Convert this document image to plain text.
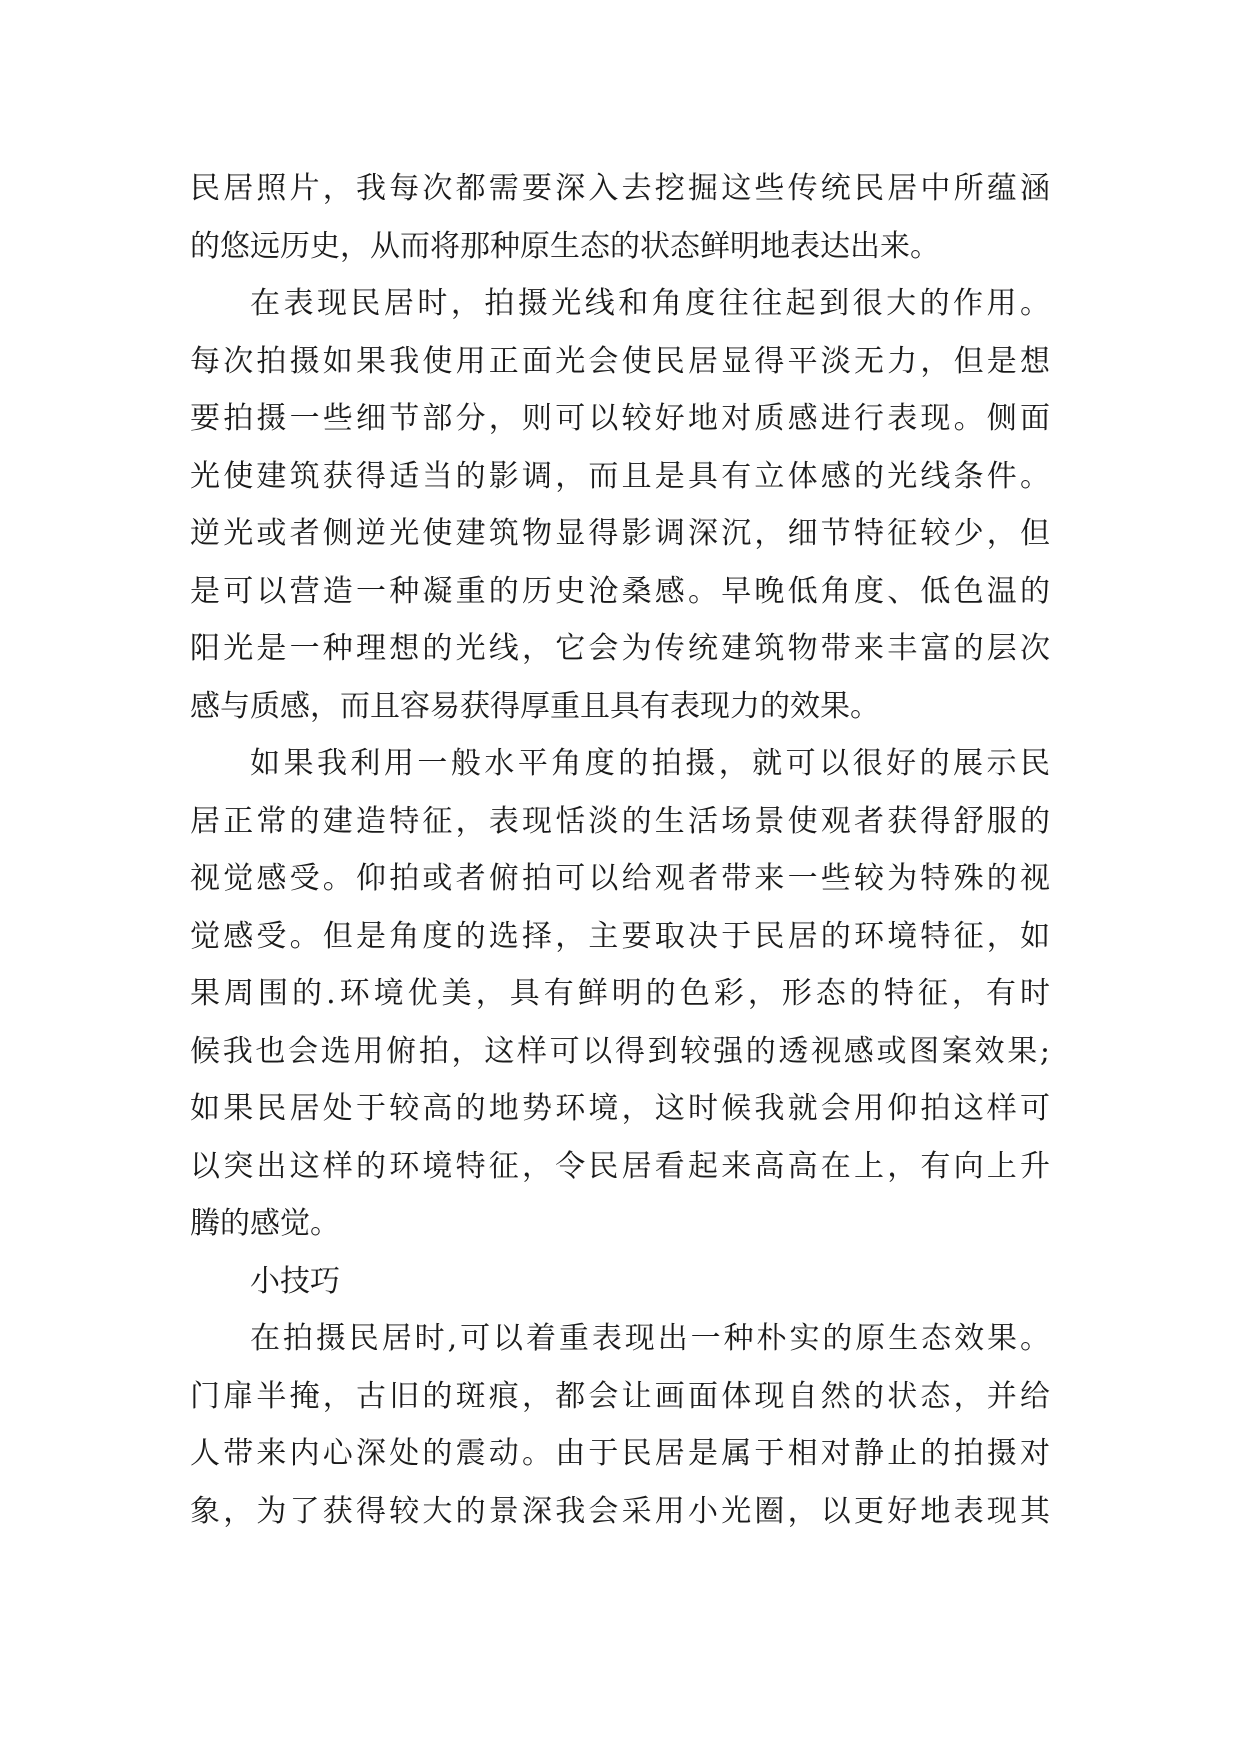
民居照片，我每次都需要深入去挖掘这些传统民居中所蕴涵
的悠远历史，从而将那种原生态的状态鲜明地表达出来。
在表现民居时，拍摄光线和角度往往起到很大的作用。
每次拍摄如果我使用正面光会使民居显得平淡无力，但是想
要拍摄一些细节部分，则可以较好地对质感进行表现。侧面
光使建筑获得适当的影调，而且是具有立体感的光线条件。
逆光或者侧逆光使建筑物显得影调深沉，细节特征较少，但
是可以营造一种凝重的历史沧桑感。早晚低角度、低色温的
阳光是一种理想的光线，它会为传统建筑物带来丰富的层次
感与质感，而且容易获得厚重且具有表现力的效果。
如果我利用一般水平角度的拍摄，就可以很好的展示民
居正常的建造特征，表现恬淡的生活场景使观者获得舒服的
视觉感受。仰拍或者俯拍可以给观者带来一些较为特殊的视
觉感受。但是角度的选择，主要取决于民居的环境特征，如
果周围的.环境优美，具有鲜明的色彩，形态的特征，有时
候我也会选用俯拍，这样可以得到较强的透视感或图案效果;
如果民居处于较高的地势环境，这时候我就会用仰拍这样可
以突出这样的环境特征，令民居看起来高高在上，有向上升
腾的感觉。
小技巧
在拍摄民居时,可以着重表现出一种朴实的原生态效果。
门扉半掩，古旧的斑痕，都会让画面体现自然的状态，并给
人带来内心深处的震动。由于民居是属于相对静止的拍摄对
象，为了获得较大的景深我会采用小光圈，以更好地表现其
